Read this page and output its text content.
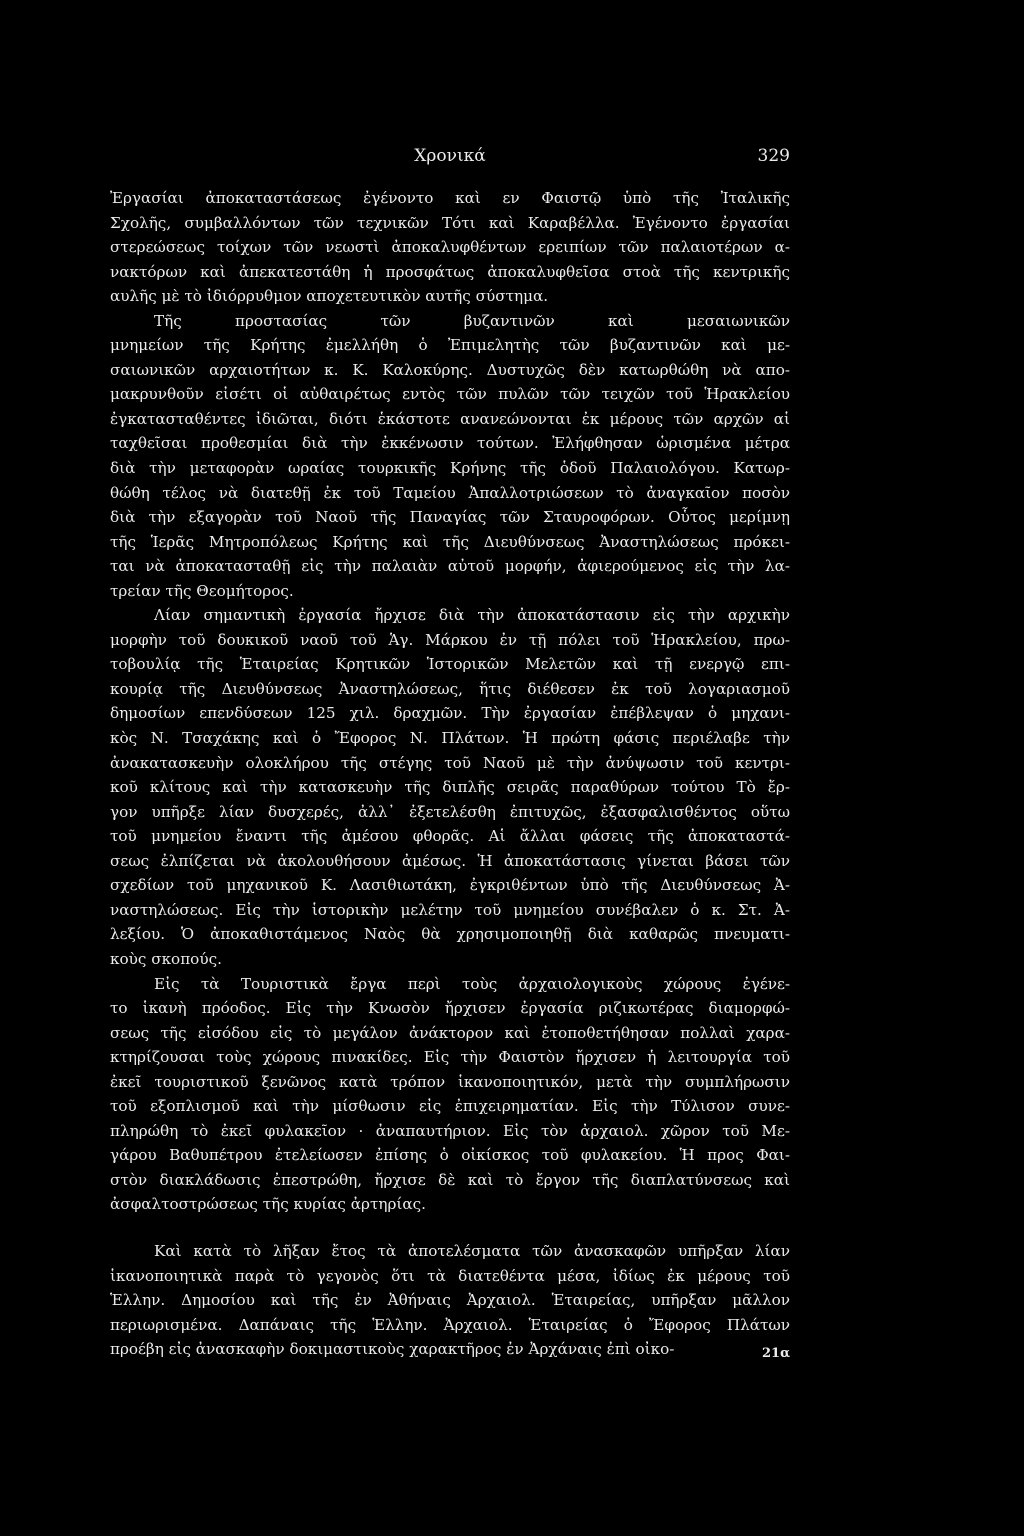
Χρονικά	329
Ἐργασίαι ἀποκαταστάσεως ἐγένοντο καὶ εν Φαιστῷ ὑπὸ τῆς Ἰταλικῆς
Σχολῆς, συμβαλλόντων τῶν τεχνικῶν Τότι καὶ Καραβέλλα. Ἐγένοντο ἐργασίαι
στερεώσεως τοίχων τῶν νεωστὶ ἀποκαλυφθέντων ερειπίων τῶν παλαιοτέρων α-
νακτόρων καὶ ἀπεκατεστάθη ἡ προσφάτως ἀποκαλυφθεῖσα στοὰ τῆς κεντρικῆς
αυλῆς μὲ τὸ ἰδιόρρυθμον αποχετευτικὸν αυτῆς σύστημα.
Τῆς προστασίας τῶν βυζαντινῶν καὶ μεσαιωνικῶν
μνημείων τῆς Κρήτης ἐμελλήθη ὁ Ἐπιμελητὴς τῶν βυζαντινῶν καὶ με-
σαιωνικῶν αρχαιοτήτων κ. Κ. Καλοκύρης. Δυστυχῶς δὲν κατωρθώθη νὰ απο-
μακρυνθοῦν εἰσέτι οἱ αὐθαιρέτως εντὸς τῶν πυλῶν τῶν τειχῶν τοῦ Ἡρακλείου
ἐγκατασταθέντες ἰδιῶται, διότι ἑκάστοτε ανανεώνονται ἐκ μέρους τῶν αρχῶν αἱ
ταχθεῖσαι προθεσμίαι διὰ τὴν ἐκκένωσιν τούτων. Ἐλήφθησαν ὡρισμένα μέτρα
διὰ τὴν μεταφορὰν ωραίας τουρκικῆς Κρήνης τῆς ὁδοῦ Παλαιολόγου. Κατωρ-
θώθη τέλος νὰ διατεθῇ ἐκ τοῦ Ταμείου Ἀπαλλοτριώσεων τὸ ἀναγκαῖον ποσὸν
διὰ τὴν εξαγορὰν τοῦ Ναοῦ τῆς Παναγίας τῶν Σταυροφόρων. Οὗτος μερίμνῃ
τῆς Ἱερᾶς Μητροπόλεως Κρήτης καὶ τῆς Διευθύνσεως Ἀναστηλώσεως πρόκει-
ται νὰ ἀποκατασταθῇ εἰς τὴν παλαιὰν αὐτοῦ μορφήν, ἀφιερούμενος εἰς τὴν λα-
τρείαν τῆς Θεομήτορος.
Λίαν σημαντικὴ ἐργασία ἤρχισε διὰ τὴν ἀποκατάστασιν εἰς τὴν αρχικὴν
μορφὴν τοῦ δουκικοῦ ναοῦ τοῦ Ἁγ. Μάρκου ἐν τῇ πόλει τοῦ Ἡρακλείου, πρω-
τοβουλίᾳ τῆς Ἑταιρείας Κρητικῶν Ἱστορικῶν Μελετῶν καὶ τῇ ενεργῷ επι-
κουρίᾳ τῆς Διευθύνσεως Ἀναστηλώσεως, ἥτις διέθεσεν ἐκ τοῦ λογαριασμοῦ
δημοσίων επενδύσεων 125 χιλ. δραχμῶν. Τὴν ἐργασίαν ἐπέβλεψαν ὁ μηχανι-
κὸς Ν. Τσαχάκης καὶ ὁ Ἔφορος Ν. Πλάτων. Ἡ πρώτη φάσις περιέλαβε τὴν
ἀνακατασκευὴν ολοκλήρου τῆς στέγης τοῦ Ναοῦ μὲ τὴν ἀνύψωσιν τοῦ κεντρι-
κοῦ κλίτους καὶ τὴν κατασκευὴν τῆς διπλῆς σειρᾶς παραθύρων τούτου Τὸ ἔρ-
γον υπῆρξε λίαν δυσχερές, ἀλλ᾽ ἐξετελέσθη ἐπιτυχῶς, ἐξασφαλισθέντος οὕτω
τοῦ μνημείου ἔναντι τῆς ἀμέσου φθορᾶς. Αἱ ἄλλαι φάσεις τῆς ἀποκαταστά-
σεως ἐλπίζεται νὰ ἀκολουθήσουν ἀμέσως. Ἡ ἀποκατάστασις γίνεται βάσει τῶν
σχεδίων τοῦ μηχανικοῦ Κ. Λασιθιωτάκη, ἐγκριθέντων ὑπὸ τῆς Διευθύνσεως Ἀ-
ναστηλώσεως. Εἰς τὴν ἱστορικὴν μελέτην τοῦ μνημείου συνέβαλεν ὁ κ. Στ. Ἀ-
λεξίου. Ὁ ἀποκαθιστάμενος Ναὸς θὰ χρησιμοποιηθῇ διὰ καθαρῶς πνευματι-
κοὺς σκοπούς.
Εἰς τὰ Τουριστικὰ ἔργα περὶ τοὺς ἀρχαιολογικοὺς χώρους ἐγένε-
το ἱκανὴ πρόοδος. Εἰς τὴν Κνωσὸν ἤρχισεν ἐργασία ριζικωτέρας διαμορφώ-
σεως τῆς εἰσόδου εἰς τὸ μεγάλον ἀνάκτορον καὶ ἐτοποθετήθησαν πολλαὶ χαρα-
κτηρίζουσαι τοὺς χώρους πινακίδες. Εἰς τὴν Φαιστὸν ἤρχισεν ἡ λειτουργία τοῦ
ἐκεῖ τουριστικοῦ ξενῶνος κατὰ τρόπον ἱκανοποιητικόν, μετὰ τὴν συμπλήρωσιν
τοῦ εξοπλισμοῦ καὶ τὴν μίσθωσιν εἰς ἐπιχειρηματίαν. Εἰς τὴν Τύλισον συνε-
πληρώθη τὸ ἐκεῖ φυλακεῖον · ἀναπαυτήριον. Εἰς τὸν ἀρχαιολ. χῶρον τοῦ Με-
γάρου Βαθυπέτρου ἐτελείωσεν ἐπίσης ὁ οἰκίσκος τοῦ φυλακείου. Ἡ προς Φαι-
στὸν διακλάδωσις ἐπεστρώθη, ἤρχισε δὲ καὶ τὸ ἔργον τῆς διαπλατύνσεως καὶ
ἀσφαλτοστρώσεως τῆς κυρίας ἀρτηρίας.
Καὶ κατὰ τὸ λῆξαν ἔτος τὰ ἀποτελέσματα τῶν ἀνασκαφῶν υπῆρξαν λίαν
ἱκανοποιητικὰ παρὰ τὸ γεγονὸς ὅτι τὰ διατεθέντα μέσα, ἰδίως ἐκ μέρους τοῦ
Ἑλλην. Δημοσίου καὶ τῆς ἐν Ἀθήναις Ἀρχαιολ. Ἑταιρείας, υπῆρξαν μᾶλλον
περιωρισμένα. Δαπάναις τῆς Ἑλλην. Ἀρχαιολ. Ἑταιρείας ὁ Ἔφορος Πλάτων
προέβη εἰς ἀνασκαφὴν δοκιμαστικοὺς χαρακτῆρος ἐν Ἀρχάναις ἐπὶ οἰκο-	21α
